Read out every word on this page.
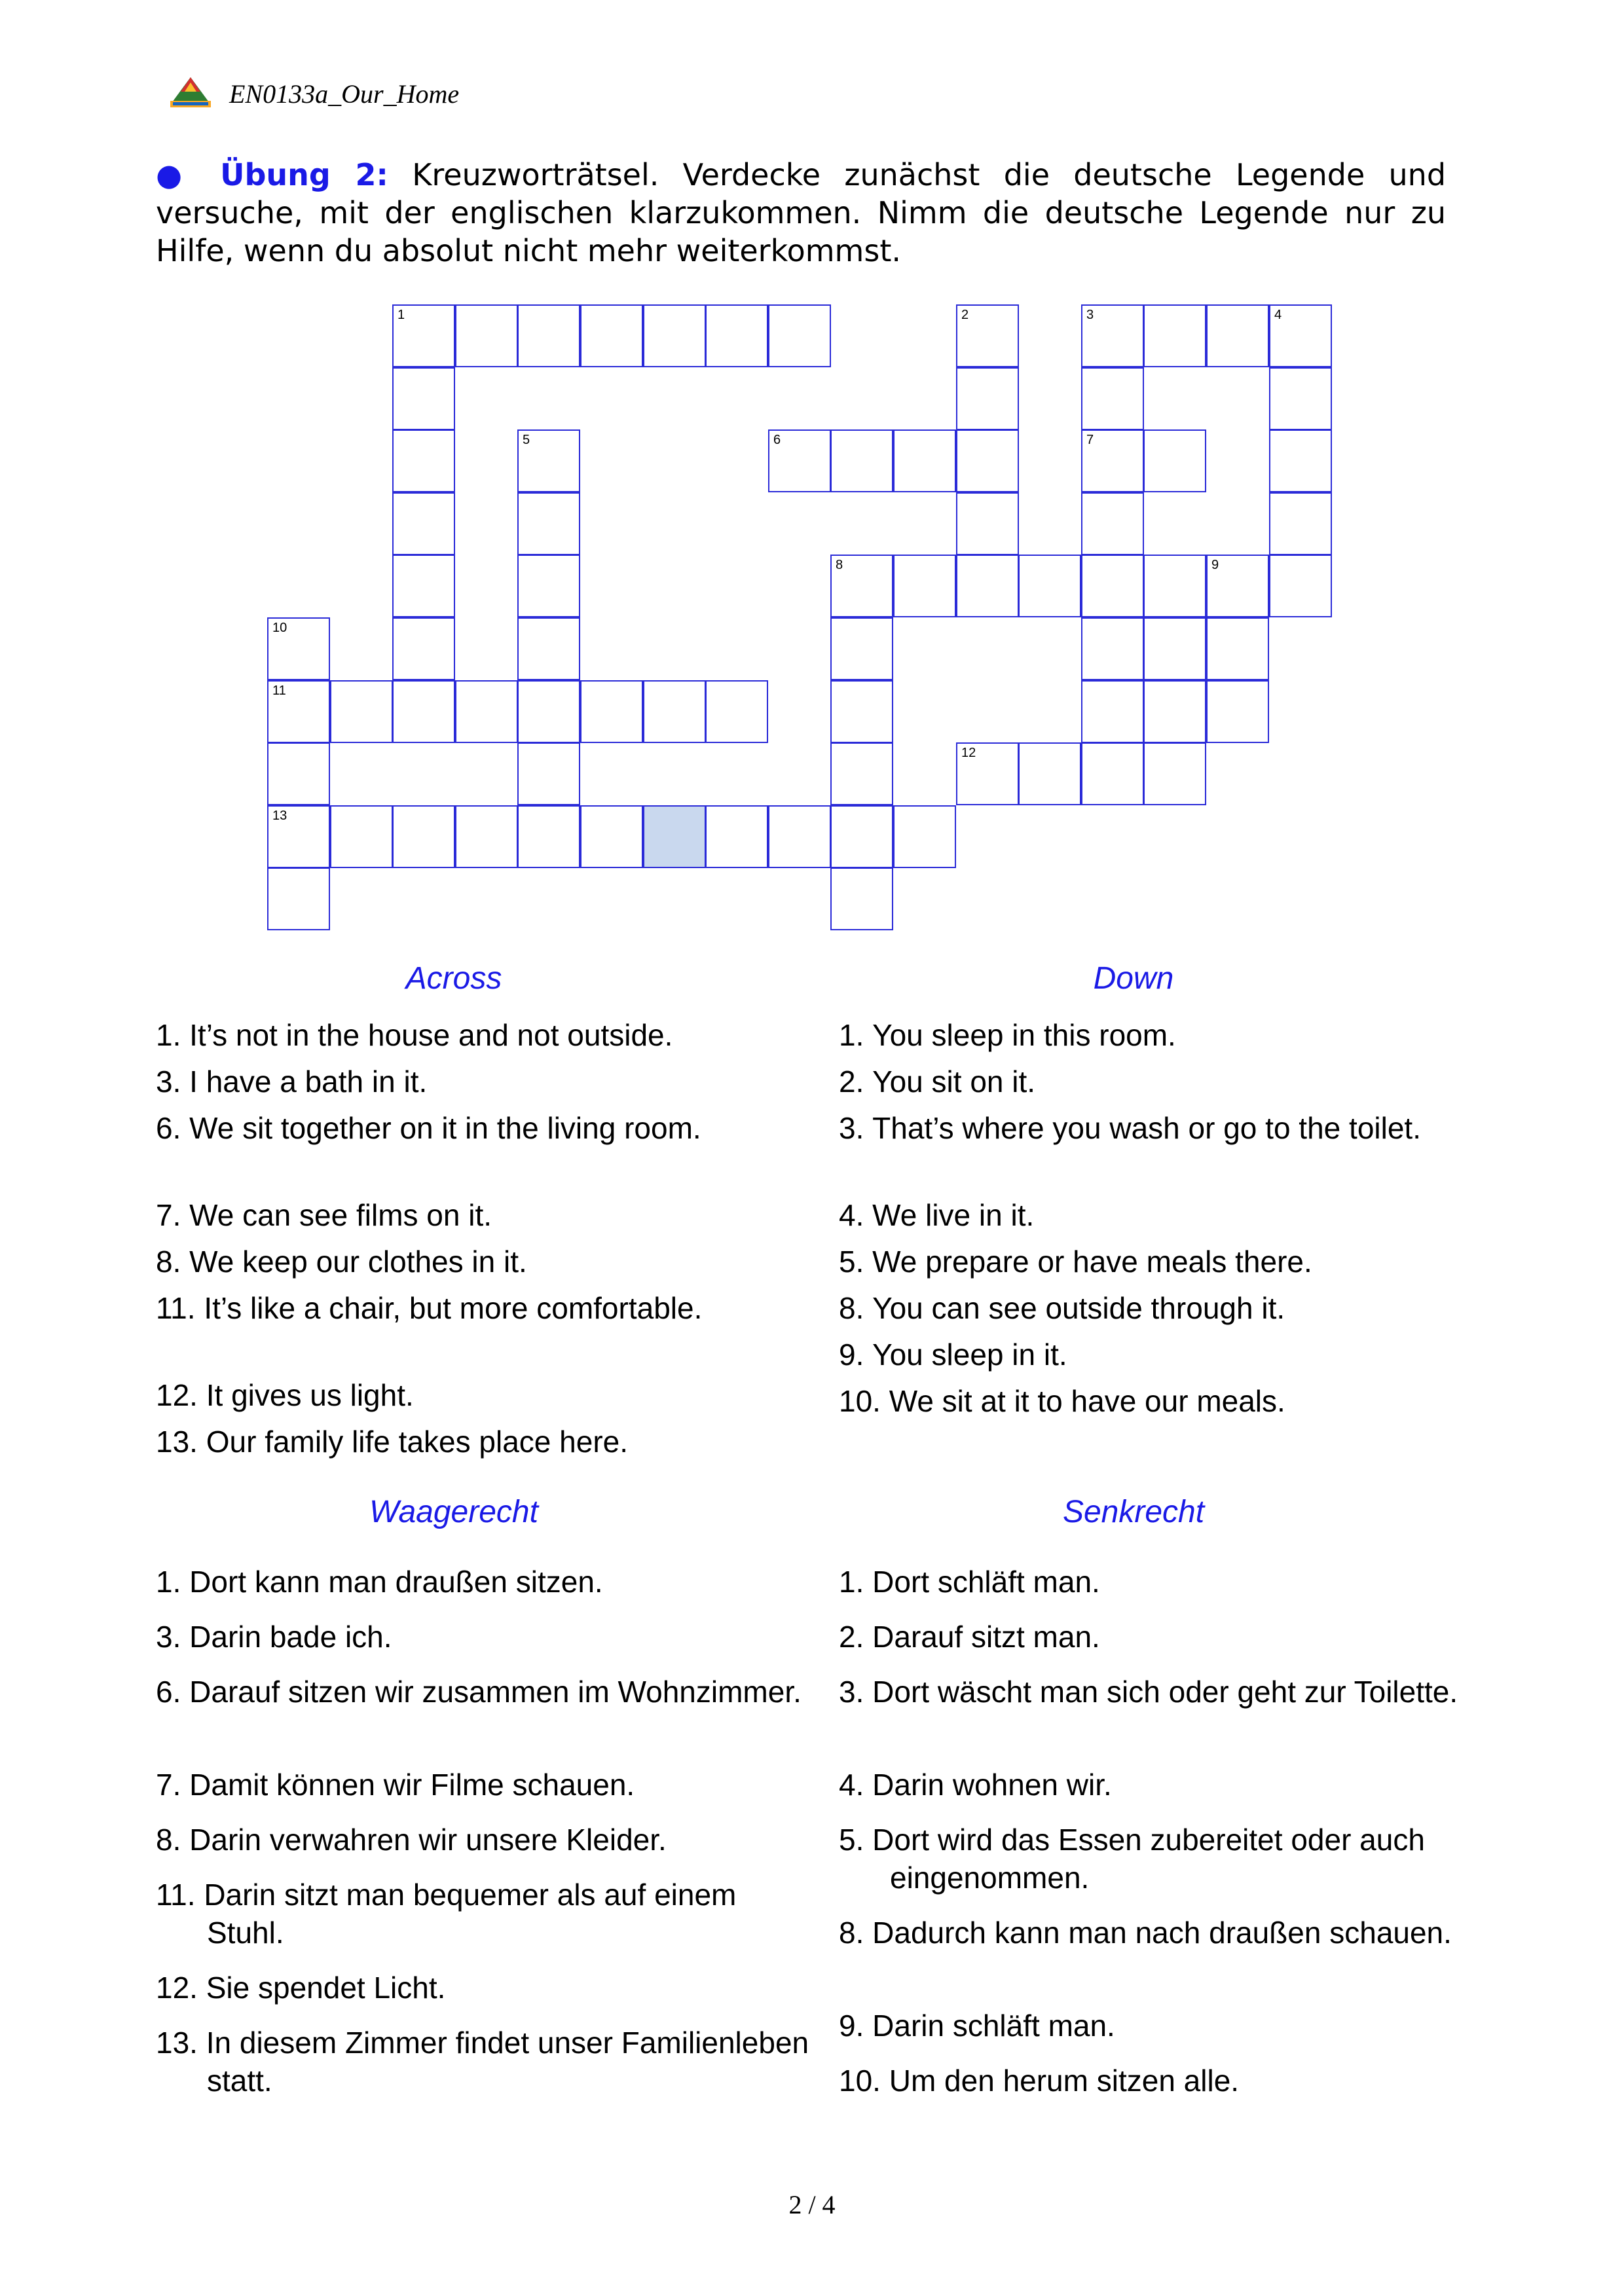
EN0133a_Our_Home
● Übung 2: Kreuzworträtsel. Verdecke zunächst die deutsche Legende und versuche, mit der englischen klarzukommen. Nimm die deutsche Legende nur zu Hilfe, wenn du absolut nicht mehr weiterkommst.
1	2	3	4
5	6	7
8	9
10
11
12
13
Across	Down
Waagerecht	Senkrecht
1. It’s not in the house and not outside.
3. I have a bath in it.
6. We sit together on it in the living room.
7. We can see films on it.
8. We keep our clothes in it.
11. It’s like a chair, but more comfortable.
12. It gives us light.
13. Our family life takes place here.
1. You sleep in this room.
2. You sit on it.
3. That’s where you wash or go to the toilet.
4. We live in it.
5. We prepare or have meals there.
8. You can see outside through it.
9. You sleep in it.
10. We sit at it to have our meals.
1. Dort kann man draußen sitzen.
3. Darin bade ich.
6. Darauf sitzen wir zusammen im Wohnzimmer.
7. Damit können wir Filme schauen.
8. Darin verwahren wir unsere Kleider.
11. Darin sitzt man bequemer als auf einem Stuhl.
12. Sie spendet Licht.
13. In diesem Zimmer findet unser Familienleben statt.
1. Dort schläft man.
2. Darauf sitzt man.
3. Dort wäscht man sich oder geht zur Toilette.
4. Darin wohnen wir.
5. Dort wird das Essen zubereitet oder auch eingenommen.
8. Dadurch kann man nach draußen schauen.
9. Darin schläft man.
10. Um den herum sitzen alle.
2 / 4
